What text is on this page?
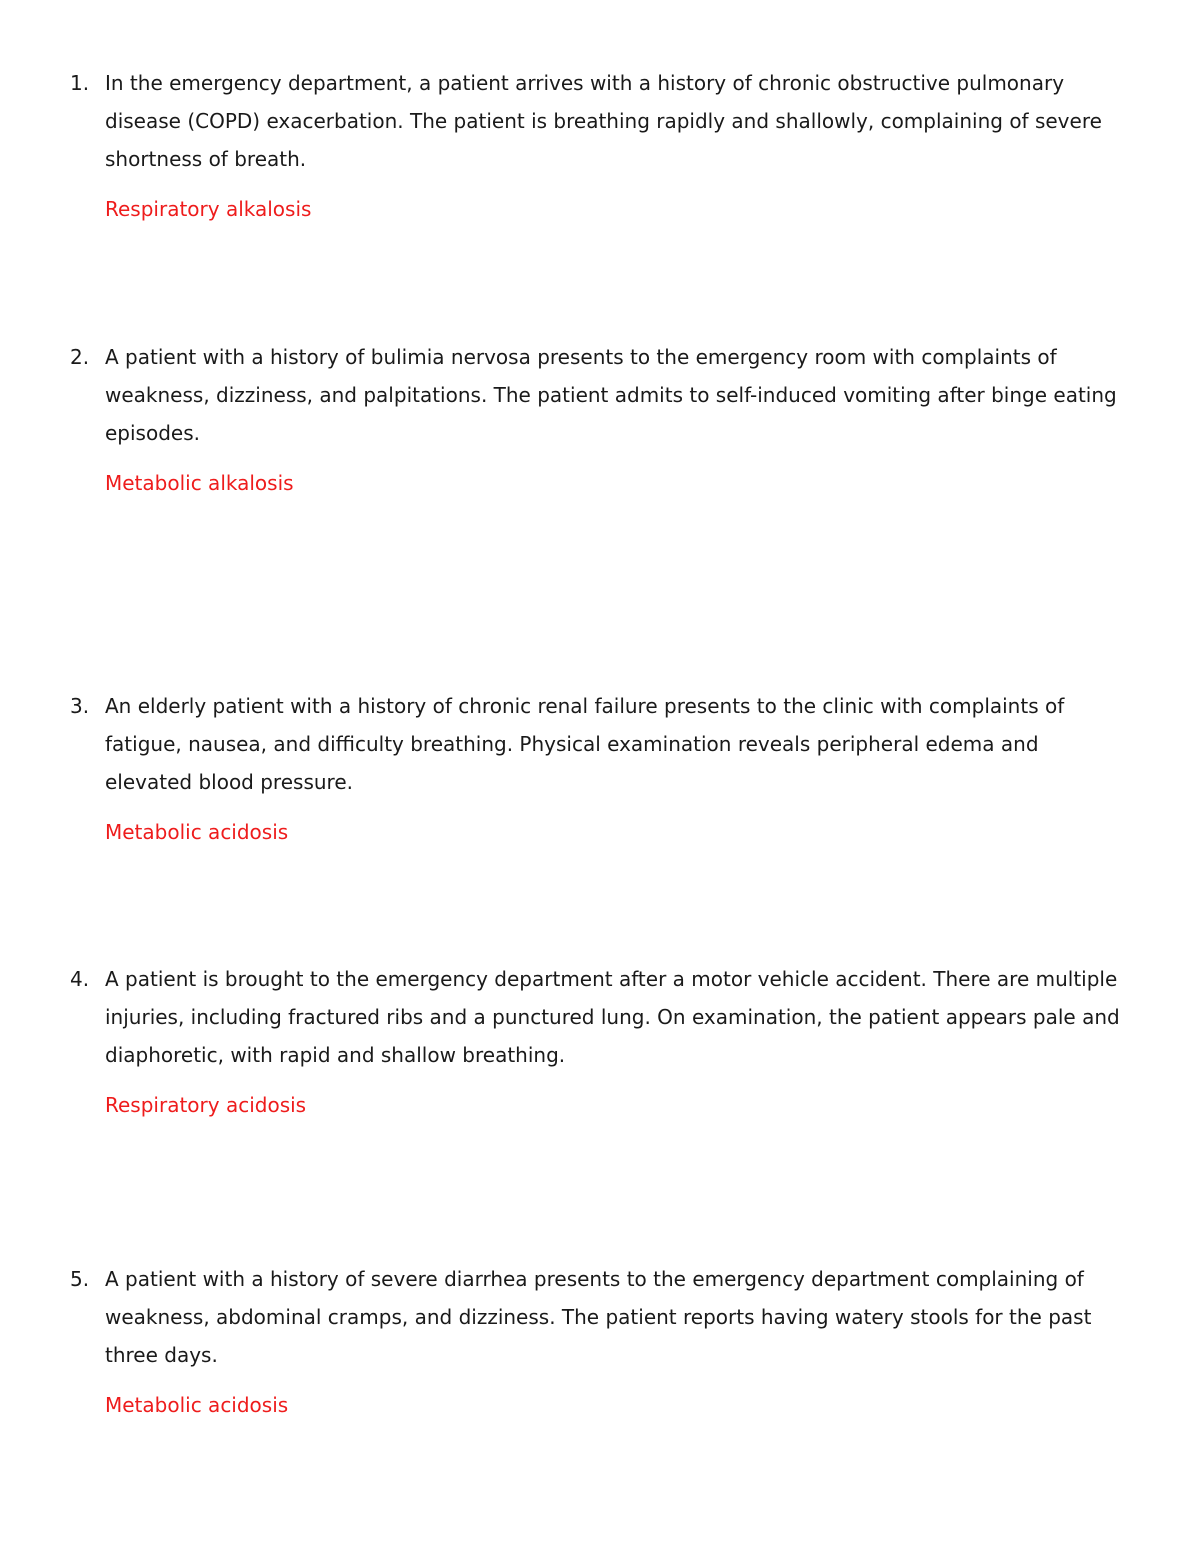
1. In the emergency department, a patient arrives with a history of chronic obstructive pulmonary disease (COPD) exacerbation. The patient is breathing rapidly and shallowly, complaining of severe shortness of breath.

Respiratory alkalosis

2. A patient with a history of bulimia nervosa presents to the emergency room with complaints of weakness, dizziness, and palpitations. The patient admits to self-induced vomiting after binge eating episodes.

Metabolic alkalosis

3. An elderly patient with a history of chronic renal failure presents to the clinic with complaints of fatigue, nausea, and difficulty breathing. Physical examination reveals peripheral edema and elevated blood pressure.

Metabolic acidosis

4. A patient is brought to the emergency department after a motor vehicle accident. There are multiple injuries, including fractured ribs and a punctured lung. On examination, the patient appears pale and diaphoretic, with rapid and shallow breathing.

Respiratory acidosis

5. A patient with a history of severe diarrhea presents to the emergency department complaining of weakness, abdominal cramps, and dizziness. The patient reports having watery stools for the past three days.

Metabolic acidosis
